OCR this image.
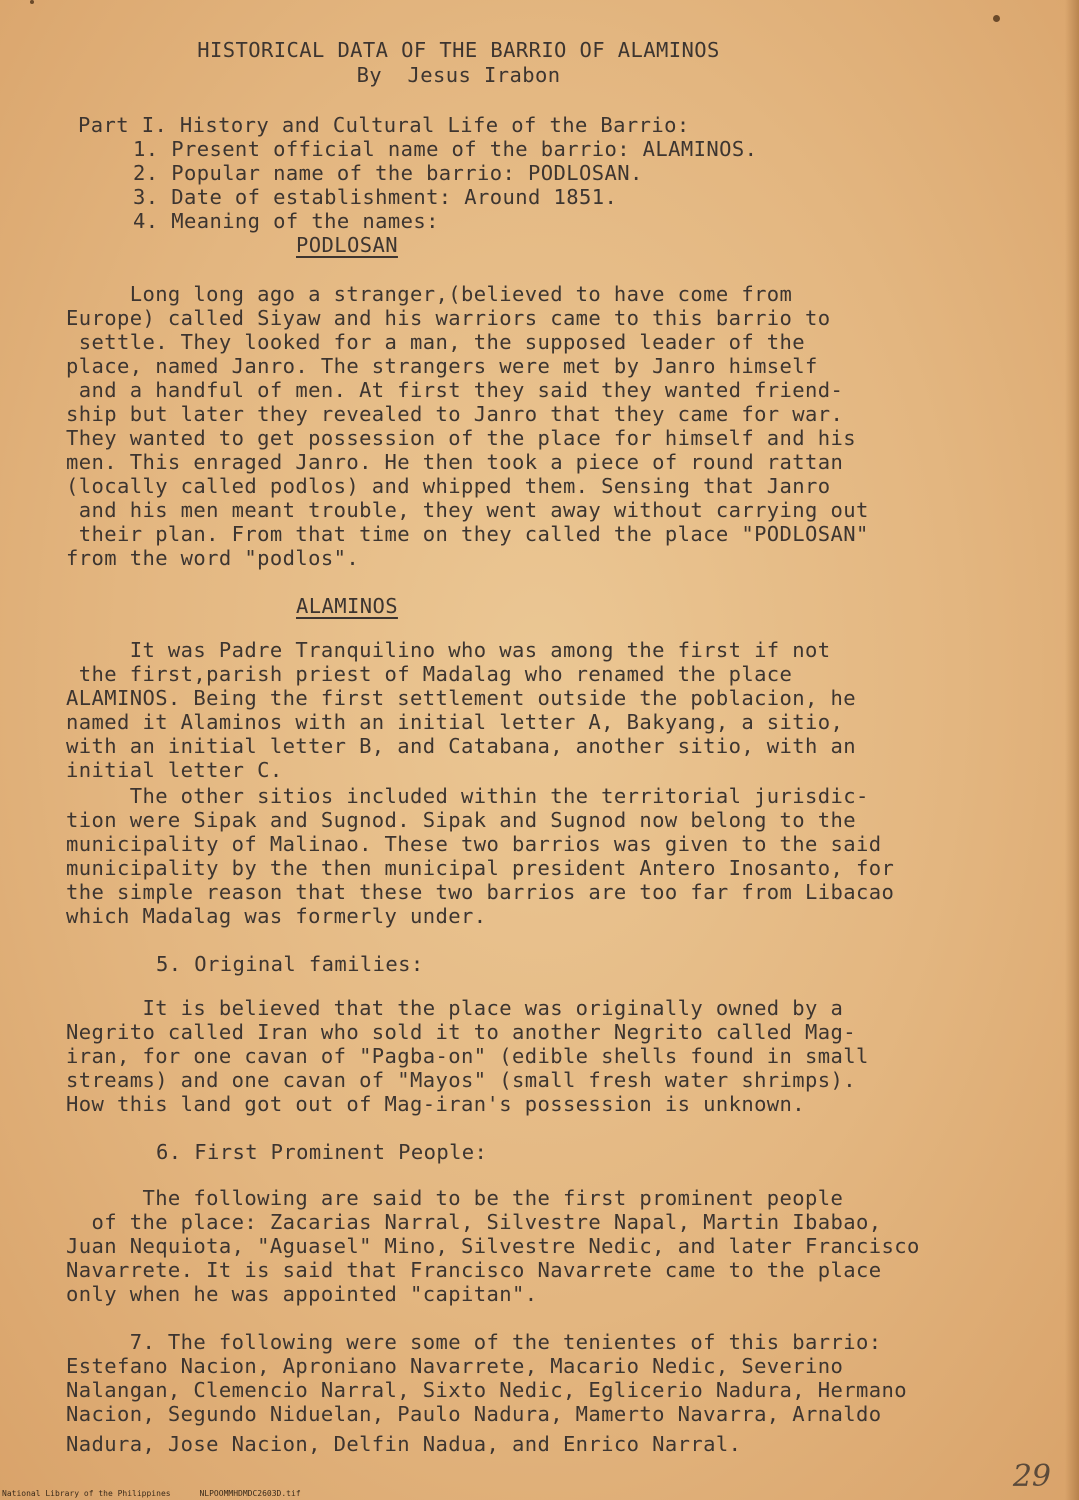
HISTORICAL DATA OF THE BARRIO OF ALAMINOS
By  Jesus Irabon
Part I. History and Cultural Life of the Barrio:
1. Present official name of the barrio: ALAMINOS.
2. Popular name of the barrio: PODLOSAN.
3. Date of establishment: Around 1851.
4. Meaning of the names:
PODLOSAN
Long long ago a stranger,(believed to have come from
Europe) called Siyaw and his warriors came to this barrio to
settle. They looked for a man, the supposed leader of the
place, named Janro. The strangers were met by Janro himself
and a handful of men. At first they said they wanted friend-
ship but later they revealed to Janro that they came for war.
They wanted to get possession of the place for himself and his
men. This enraged Janro. He then took a piece of round rattan
(locally called podlos) and whipped them. Sensing that Janro
and his men meant trouble, they went away without carrying out
their plan. From that time on they called the place "PODLOSAN"
from the word "podlos".
ALAMINOS
It was Padre Tranquilino who was among the first if not
the first,parish priest of Madalag who renamed the place
ALAMINOS. Being the first settlement outside the poblacion, he
named it Alaminos with an initial letter A, Bakyang, a sitio,
with an initial letter B, and Catabana, another sitio, with an
initial letter C.
The other sitios included within the territorial jurisdic-
tion were Sipak and Sugnod. Sipak and Sugnod now belong to the
municipality of Malinao. These two barrios was given to the said
municipality by the then municipal president Antero Inosanto, for
the simple reason that these two barrios are too far from Libacao
which Madalag was formerly under.
5. Original families:
It is believed that the place was originally owned by a
Negrito called Iran who sold it to another Negrito called Mag-
iran, for one cavan of "Pagba-on" (edible shells found in small
streams) and one cavan of "Mayos" (small fresh water shrimps).
How this land got out of Mag-iran's possession is unknown.
6. First Prominent People:
The following are said to be the first prominent people
of the place: Zacarias Narral, Silvestre Napal, Martin Ibabao,
Juan Nequiota, "Aguasel" Mino, Silvestre Nedic, and later Francisco
Navarrete. It is said that Francisco Navarrete came to the place
only when he was appointed "capitan".
7. The following were some of the tenientes of this barrio:
Estefano Nacion, Aproniano Navarrete, Macario Nedic, Severino
Nalangan, Clemencio Narral, Sixto Nedic, Eglicerio Nadura, Hermano
Nacion, Segundo Niduelan, Paulo Nadura, Mamerto Navarra, Arnaldo
Nadura, Jose Nacion, Delfin Nadua, and Enrico Narral.
National Library of the Philippines	NLPOOMMHDMDC2603D.tif	29
